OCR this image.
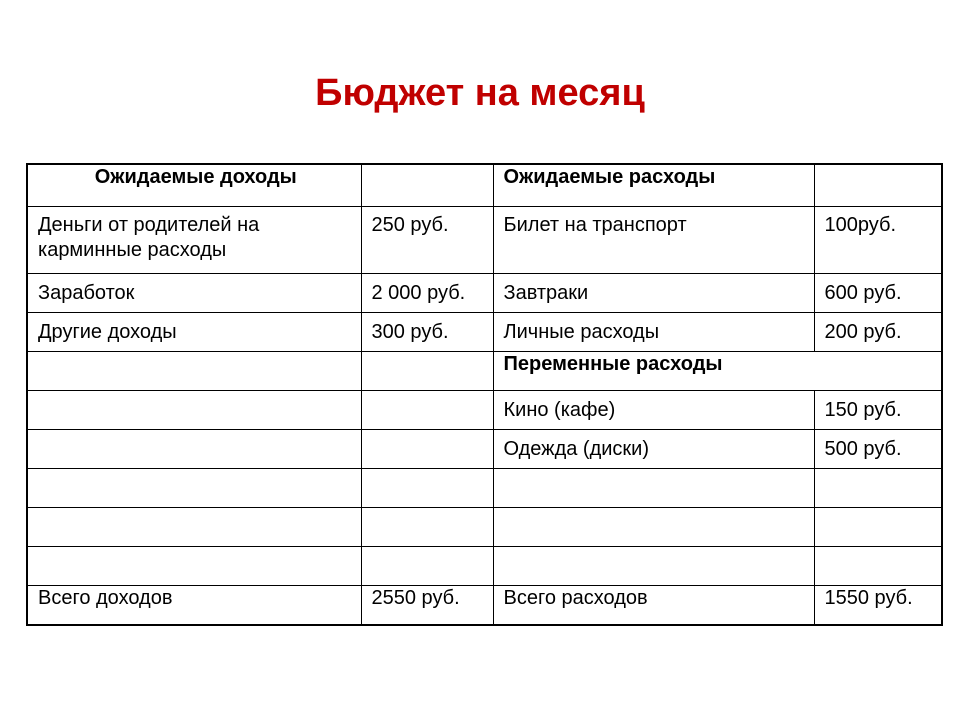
Бюджет на месяц
Ожидаемые доходы		Ожидаемые расходы	
Деньги от родителей на карминные расходы	250 руб.	Билет на транспорт	100руб.
Заработок	2 000 руб.	Завтраки	600 руб.
Другие доходы	300 руб.	Личные расходы	200 руб.
		Переменные расходы	
		Кино (кафе)	150 руб.
		Одежда (диски)	500 руб.

Всего доходов	2550 руб.	Всего расходов	1550 руб.
